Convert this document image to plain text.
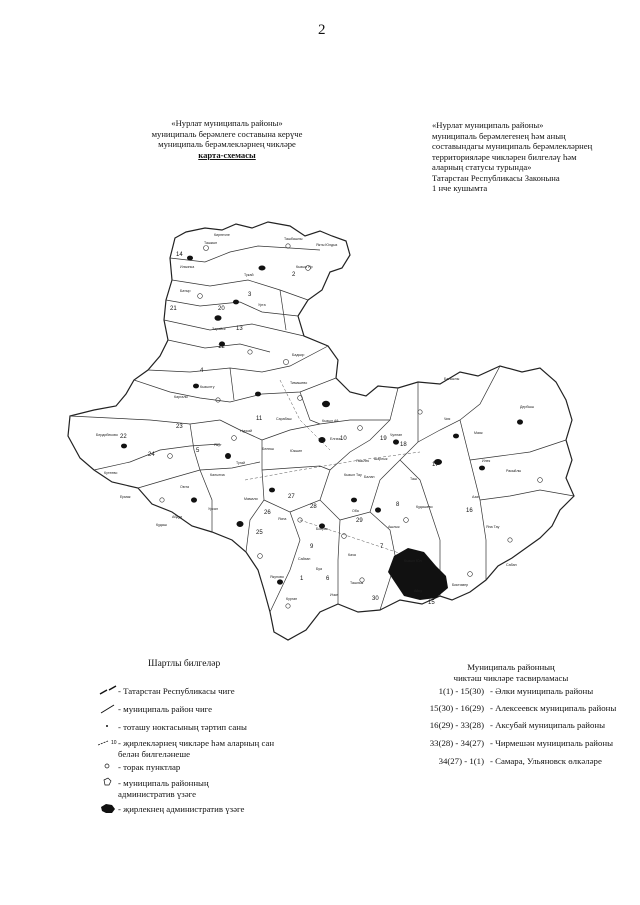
2
«Нурлат муниципаль районы»
муниципаль берәмлеге составына керүче
муниципаль берәмлекләрнең чикләре
карта-схемасы
«Нурлат муниципаль районы»
муниципаль берәмлегенең һәм аның
составындагы муниципаль берәмлекләрнең
территорияләре чикләрен билгеләү һәм
аларның статусы турында»
Татарстан Республикасы Законына
1 нче кушымта
1
2
3
4
5
6
7
8
9
10
11
12
13
14
15
16
17
18
19
20
21
22
23
24
25
26
27
28
29
30
Кирпечле
Ташбашлы
Якты Юлдыз
Ташкын
Ильинка
Тукай
Кызыл Яр
Батыр
Урта
Зарайск
Бадьир
Тимашево
Кызылту
Каргалы
Сарабаш	Кызыл Ай
Елгачы
Юкшин
Тугай
Калынча
Оюта
Мамали
Урсал
Ясна
Боерак
Оба
Балан
Яшьлек
Чулпан
Таш
Кудашево
Чия
Маяк
Илек
Ракыйлы
Дербыш
Азат
Яна Тау
Сабан
Биктимер
Айсу
Ташлык
Ичке
Курган
Якупово
Сайхан
Буа
Кача
Ашлык
Кызыл Юл
Бердибеково
Ермак
Кутеево
Кудаш
Абдул
Якут
Нуркай
Белюш
Кызыл Тау
Шарлык
Балыклы
Шартлы билгеләр
- Татарстан Республикасы чиге
- муниципаль район чиге
- тоташу ноктасының тәртип саны
10 - җирлекләрнең чикләре һәм аларның сан
белән билгеләнеше
- торак пунктлар
- муниципаль районның
административ үзәге
- җирлекнең административ үзәге
Муниципаль районның
чиктәш чикләре тасвирламасы
1(1) - 15(30) - Әлки муниципаль районы
15(30) - 16(29) - Алексеевск муниципаль районы
16(29) - 33(28) - Аксубай муниципаль районы
33(28) - 34(27) - Чирмешән муниципаль районы
34(27) - 1(1) - Самара, Ульяновск өлкәләре
